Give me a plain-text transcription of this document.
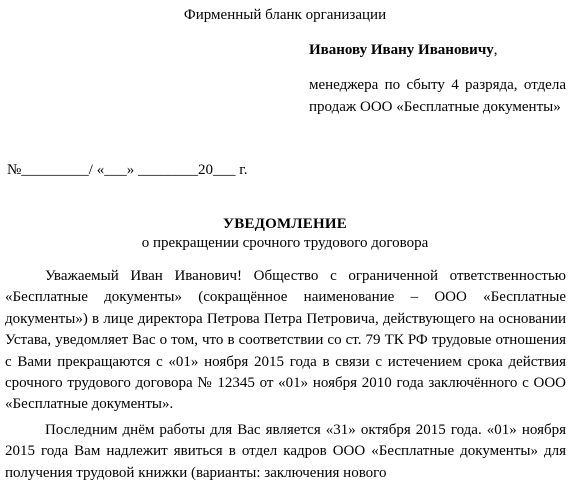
Фирменный бланк организации
Иванову Ивану Ивановичу,
менеджера по сбыту 4 разряда, отдела продаж ООО «Бесплатные документы»
№_________/ «___» ________20___ г.
УВЕДОМЛЕНИЕ
о прекращении срочного трудового договора

Уважаемый Иван Иванович! Общество с ограниченной ответственностью «Бесплатные документы» (сокращённое наименование – ООО «Бесплатные документы») в лице директора Петрова Петра Петровича, действующего на основании Устава, уведомляет Вас о том, что в соответствии со ст. 79 ТК РФ трудовые отношения с Вами прекращаются с «01» ноября 2015 года в связи с истечением срока действия срочного трудового договора № 12345 от «01» ноября 2010 года заключённого с ООО «Бесплатные документы».

Последним днём работы для Вас является «31» октября 2015 года. «01» ноября 2015 года Вам надлежит явиться в отдел кадров ООО «Бесплатные документы» для получения трудовой книжки (варианты: заключения нового
